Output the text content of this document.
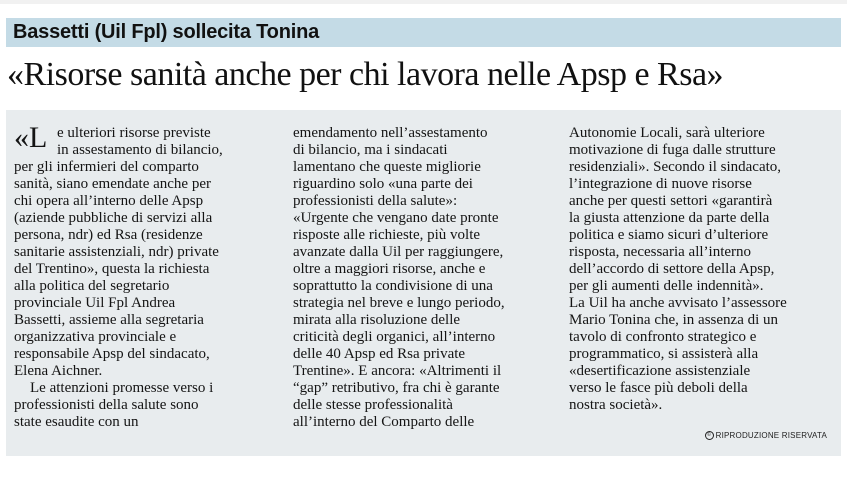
Bassetti (Uil Fpl) sollecita Tonina
«Risorse sanità anche per chi lavora nelle Apsp e Rsa»
«L e ulteriori risorse previste
in assestamento di bilancio,
per gli infermieri del comparto
sanità, siano emendate anche per
chi opera all’interno delle Apsp
(aziende pubbliche di servizi alla
persona, ndr) ed Rsa (residenze
sanitarie assistenziali, ndr) private
del Trentino», questa la richiesta
alla politica del segretario
provinciale Uil Fpl Andrea
Bassetti, assieme alla segretaria
organizzativa provinciale e
responsabile Apsp del sindacato,
Elena Aichner.
Le attenzioni promesse verso i
professionisti della salute sono
state esaudite con un
emendamento nell’assestamento
di bilancio, ma i sindacati
lamentano che queste migliorie
riguardino solo «una parte dei
professionisti della salute»:
«Urgente che vengano date pronte
risposte alle richieste, più volte
avanzate dalla Uil per raggiungere,
oltre a maggiori risorse, anche e
soprattutto la condivisione di una
strategia nel breve e lungo periodo,
mirata alla risoluzione delle
criticità degli organici, all’interno
delle 40 Apsp ed Rsa private
Trentine». E ancora: «Altrimenti il
“gap” retributivo, fra chi è garante
delle stesse professionalità
all’interno del Comparto delle
Autonomie Locali, sarà ulteriore
motivazione di fuga dalle strutture
residenziali». Secondo il sindacato,
l’integrazione di nuove risorse
anche per questi settori «garantirà
la giusta attenzione da parte della
politica e siamo sicuri d’ulteriore
risposta, necessaria all’interno
dell’accordo di settore della Apsp,
per gli aumenti delle indennità».
La Uil ha anche avvisato l’assessore
Mario Tonina che, in assenza di un
tavolo di confronto strategico e
programmatico, si assisterà alla
«desertificazione assistenziale
verso le fasce più deboli della
nostra società».
© RIPRODUZIONE RISERVATA
